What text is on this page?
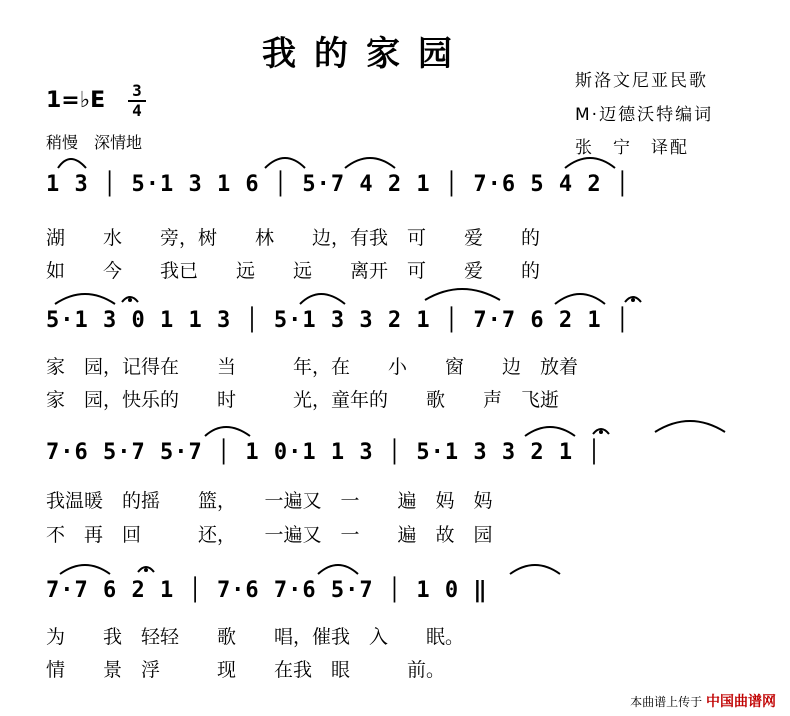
我的家园
斯洛文尼亚民歌
M·迈德沃特编词
张　宁　译配
1=♭E 3
4
稍慢　深情地
1 3 │ 5·1 3 1 6 │ 5·7 4 2 1 │ 7·6 5 4 2 │
湖　　水　　旁，树　　林　　边，有我　可　　爱　　的
如　　今　　我已　　远　　远　　离开　可　　爱　　的
5·1 3 0 1 1 3 │ 5·1 3 3 2 1 │ 7·7 6 2 1 │
家　园，记得在　　当　　　年，在　　小　　窗　　边　放着
家　园，快乐的　　时　　　光，童年的　　歌　　声　飞逝
7·6 5·7 5·7 │ 1 0·1 1 3 │ 5·1 3 3 2 1 │
我温暖　的摇　　篮，　　一遍又　一　　遍　妈　妈
不　再　回　　　还，　　一遍又　一　　遍　故　园
7·7 6 2 1 │ 7·6 7·6 5·7 │ 1 0 ‖
为　　我　轻轻　　歌　　唱，催我　入　　眠。
情　　景　浮　　　现　　在我　眼　　　前。
本曲谱上传于 中国曲谱网
